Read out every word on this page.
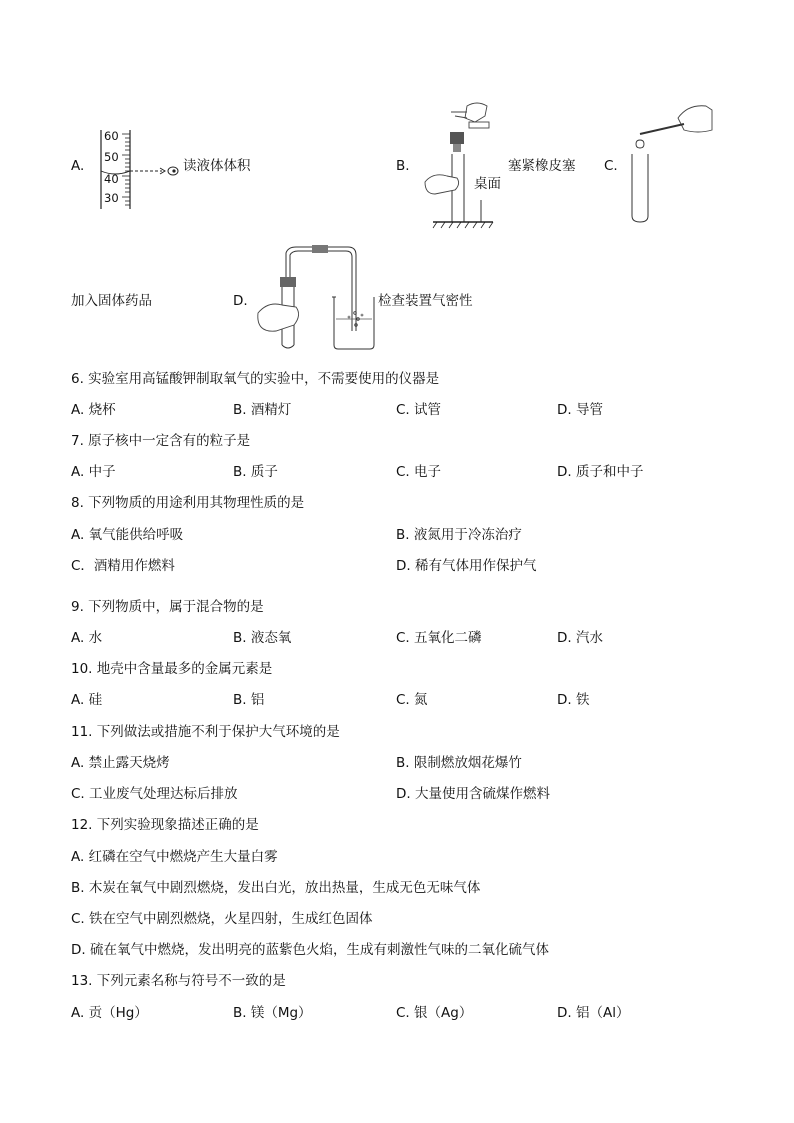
A.
60
50
40
30
读液体体积	B.
桌面
塞紧橡皮塞 C.
加入固体药品	D.	检查装置气密性
6. 实验室用高锰酸钾制取氧气的实验中，不需要使用的仪器是
A. 烧杯	B. 酒精灯	C. 试管	D. 导管
7. 原子核中一定含有的粒子是
A. 中子	B. 质子	C. 电子	D. 质子和中子
8. 下列物质的用途利用其物理性质的是
A. 氧气能供给呼吸	B. 液氮用于冷冻治疗
C．酒精用作燃料	D. 稀有气体用作保护气
9. 下列物质中，属于混合物的是
A. 水	B. 液态氧	C. 五氧化二磷	D. 汽水
10. 地壳中含量最多的金属元素是
A. 硅	B. 铝	C. 氮	D. 铁
11. 下列做法或措施不利于保护大气环境的是
A. 禁止露天烧烤	B. 限制燃放烟花爆竹
C. 工业废气处理达标后排放	D. 大量使用含硫煤作燃料
12. 下列实验现象描述正确的是
A. 红磷在空气中燃烧产生大量白雾
B. 木炭在氧气中剧烈燃烧，发出白光，放出热量，生成无色无味气体
C. 铁在空气中剧烈燃烧，火星四射，生成红色固体
D. 硫在氧气中燃烧，发出明亮的蓝紫色火焰，生成有刺激性气味的二氧化硫气体
13. 下列元素名称与符号不一致的是
A. 贡（Hg）	B. 镁（Mg）	C. 银（Ag）	D. 铝（Al）
